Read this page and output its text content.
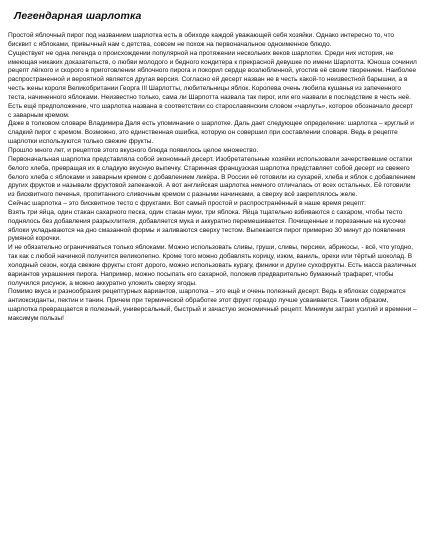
Легендарная шарлотка

Простой яблочный пирог под названием шарлотка есть в обиходе каждой уважающей себя хозяйки. Однако интересно то, что бисквит с яблоками, привычный нам с детства, совсем не похож на первоначальное одноименное блюдо.

Существует не одна легенда о происхождении популярной на протяжении нескольких веков шарлотки. Среди них история, не имеющая никаких доказательств, о любви молодого и бедного кондитера к прекрасной девушке по имени Шарлотта. Юноша сочинил рецепт лёгкого и скорого в приготовлении яблочного пирога и покорил сердце возлюбленной, угостив её своим творением. Наиболее распространенной и вероятной является другая версия. Согласно ей десерт назван не в честь какой-то неизвестной барышни, а в честь жены короля Великобритании Георга III Шарлотты, любительницы яблок. Королева очень любила кушанья из запеченного теста, начиненного яблоками. Неизвестно только, сама ли Шарлотта назвала так пирог, или его назвали в последствие в честь неё.

Есть ещё предположение, что шарлотка названа в соответствии со старославянским словом «чарлуть», которое обозначало десерт с заварным кремом.

Даже в толковом словаре Владимира Даля есть упоминание о шарлотке. Даль дает следующее определение: шарлотка – круглый и сладкий пирог с кремом. Возможно, это единственная ошибка, которую он совершил при составлении словаря. Ведь в рецепте шарлотки используются только свежие фрукты.

Прошло много лет, и рецептов этого вкусного блюда появилось целое множество.

Первоначальная шарлотка представляла собой экономный десерт. Изобретательные хозяйки использовали зачерствевшие остатки белого хлеба, превращая их в сладкую вкусную выпечку. Старинная французская шарлотка представляет собой десерт из свежего белого хлеба с яблоками и заварным кремом с добавлением ликёра. В России её готовили из сухарей, хлеба и яблок с добавлением других фруктов и называли фруктовой запеканкой. А вот английская шарлотка немного отличалась от всех остальных. Её готовили из бисквитного печенья, пропитанного сливочным кремом с разными начинками, а сверху всё закреплялось желе.

Сейчас шарлотка – это бисквитное тесто с фруктами. Вот самый простой и распространённый в наше время рецепт:

Взять три яйца, один стакан сахарного песка, один стакан муки, три яблока. Яйца тщательно взбиваются с сахаром, чтобы тесто поднялось без добавления разрыхлителя, добавляется мука и аккуратно перемешивается. Почищенные и порезанные на кусочки яблоки укладываются на дно смазанной формы и заливаются сверху тестом. Выпекается пирог примерно 30 минут до появления румяной корочки.

И не обязательно ограничиваться только яблоками. Можно использовать сливы, груши, сливы, персики, абрикосы, - всё, что угодно, так как с любой начинкой получится великолепно. Кроме того можно добавлять корицу, изюм, ваниль, орехи или тёртый шоколад. В холодный сезон, когда свежие фрукты стоят дорого, можно использовать курагу, финики и другие сухофрукты. Есть масса различных вариантов украшения пирога. Например, можно посыпать его сахарной, положив предварительно бумажный трафарет, чтобы получился рисунок, а можно аккуратно уложить сверху ягоды.

Помимо вкуса и разнообразия рецептурных вариантов, шарлотка – это ещё и очень полезный десерт. Ведь в яблоках содержатся антиоксиданты, пектин и танин. Причем при термической обработке этот фрукт гораздо лучше усваивается. Таким образом, шарлотка превращается в полезный, универсальный, быстрый и зачастую экономичный рецепт. Минимум затрат усилий и времени – максимум пользы!
